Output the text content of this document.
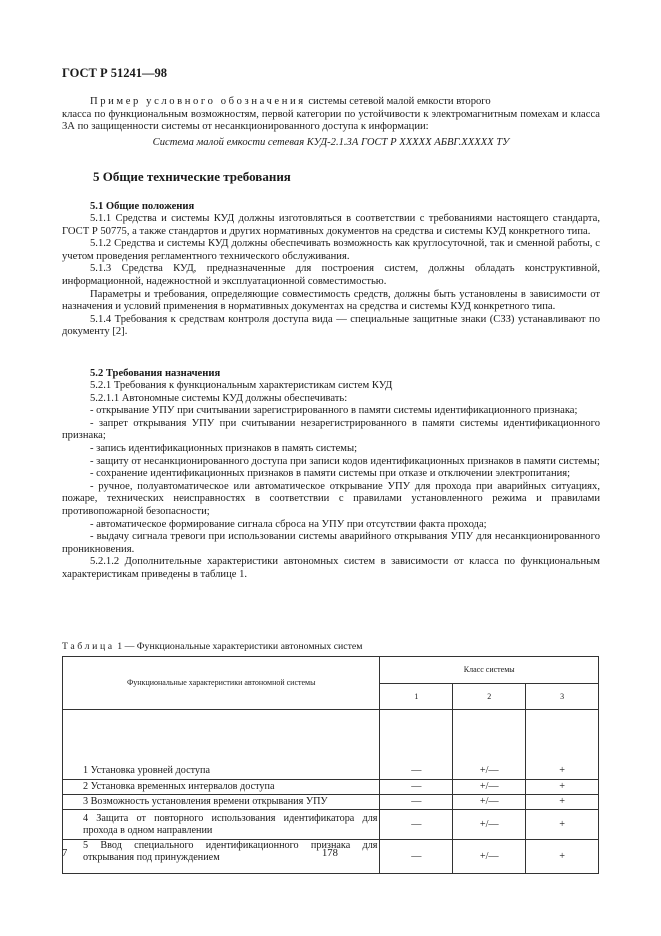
ГОСТ Р 51241—98
Пример условного обозначения системы сетевой малой емкости второго
класса по функциональным возможностям, первой категории по устойчивости к электромагнитным помехам и класса 3А по защищенности системы от несанкционированного доступа к информации:
Система малой емкости сетевая КУД-2.1.3А ГОСТ Р ХХХХХ АБВГ.ХХХХХ ТУ
5 Общие технические требования
5.1 Общие положения
5.1.1 Средства и системы КУД должны изготовляться в соответствии с требованиями настоящего стандарта, ГОСТ Р 50775, а также стандартов и других нормативных документов на средства и системы КУД конкретного типа.
5.1.2 Средства и системы КУД должны обеспечивать возможность как круглосуточной, так и сменной работы, с учетом проведения регламентного технического обслуживания.
5.1.3 Средства КУД, предназначенные для построения систем, должны обладать конструктивной, информационной, надежностной и эксплуатационной совместимостью.
Параметры и требования, определяющие совместимость средств, должны быть установлены в зависимости от назначения и условий применения в нормативных документах на средства и системы КУД конкретного типа.
5.1.4 Требования к средствам контроля доступа вида — специальные защитные знаки (СЗЗ) устанавливают по документу [2].
5.2 Требования назначения
5.2.1 Требования к функциональным характеристикам систем КУД
5.2.1.1 Автономные системы КУД должны обеспечивать:
- открывание УПУ при считывании зарегистрированного в памяти системы идентификационного признака;
- запрет открывания УПУ при считывании незарегистрированного в памяти системы идентификационного признака;
- запись идентификационных признаков в память системы;
- защиту от несанкционированного доступа при записи кодов идентификационных признаков в памяти системы;
- сохранение идентификационных признаков в памяти системы при отказе и отключении электропитания;
- ручное, полуавтоматическое или автоматическое открывание УПУ для прохода при аварийных ситуациях, пожаре, технических неисправностях в соответствии с правилами установленного режима и правилами противопожарной безопасности;
- автоматическое формирование сигнала сброса на УПУ при отсутствии факта прохода;
- выдачу сигнала тревоги при использовании системы аварийного открывания УПУ для несанкционированного проникновения.
5.2.1.2 Дополнительные характеристики автономных систем в зависимости от класса по функциональным характеристикам приведены в таблице 1.
Таблица 1 — Функциональные характеристики автономных систем
Функциональные характеристики автономной системы	Класс системы		
	1	2	3
1 Установка уровней доступа	—	+/—	+
2 Установка временных интервалов доступа	—	+/—	+
3 Возможность установления времени открывания УПУ	—	+/—	+
4 Защита от повторного использования идентификатора для прохода в одном направлении	—	+/—	+
5 Ввод специального идентификационного признака для открывания под принуждением	—	+/—	+
7	178
